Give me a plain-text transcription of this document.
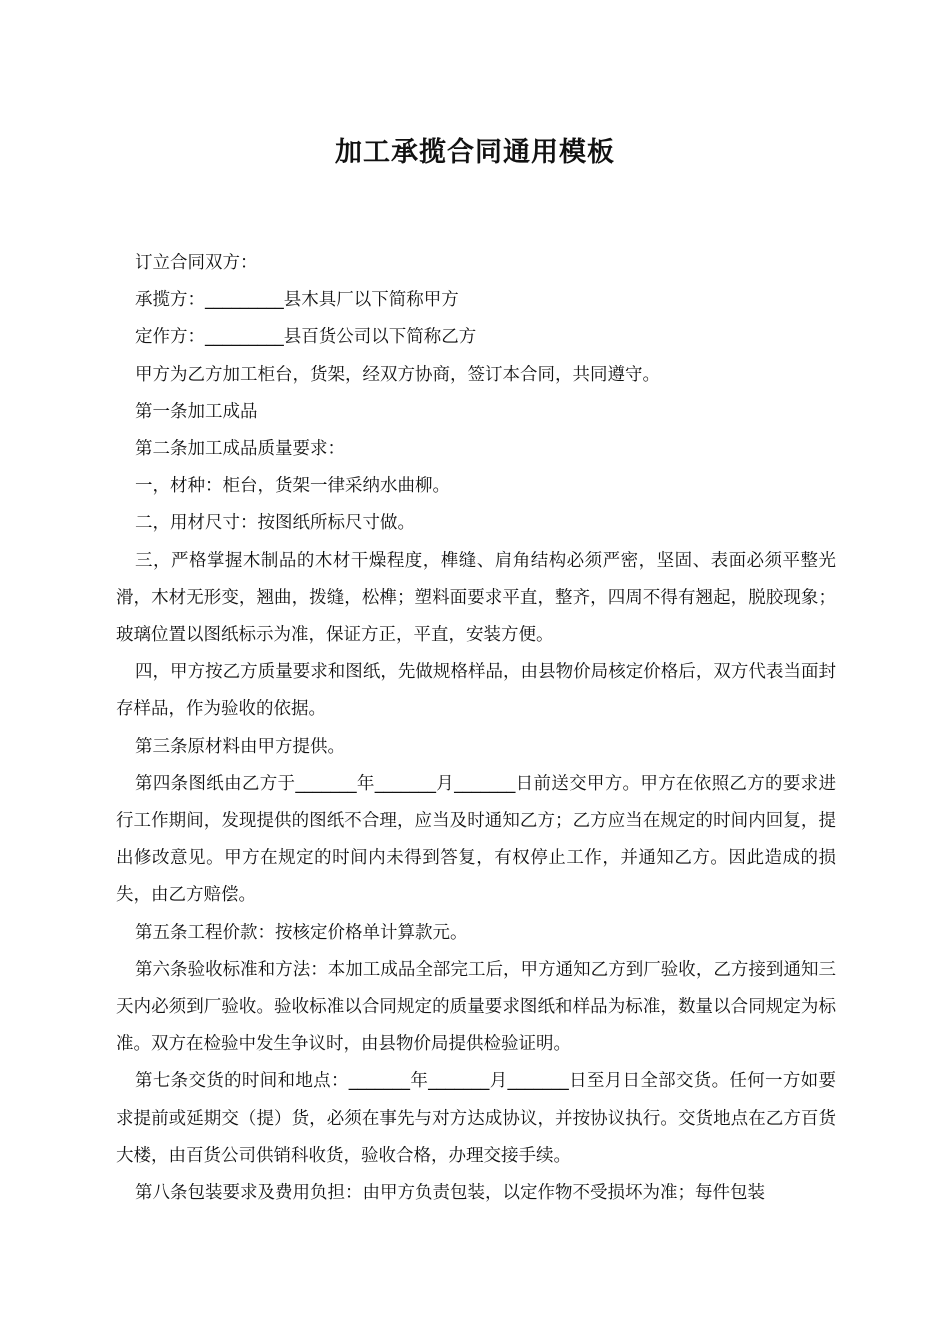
加工承揽合同通用模板

订立合同双方：

承揽方：_________县木具厂以下简称甲方

定作方：_________县百货公司以下简称乙方

甲方为乙方加工柜台，货架，经双方协商，签订本合同，共同遵守。

第一条加工成品

第二条加工成品质量要求：

一，材种：柜台，货架一律采纳水曲柳。

二，用材尺寸：按图纸所标尺寸做。

三，严格掌握木制品的木材干燥程度，榫缝、肩角结构必须严密，坚固、表面必须平整光滑，木材无形变，翘曲，拨缝，松榫；塑料面要求平直，整齐，四周不得有翘起，脱胶现象；玻璃位置以图纸标示为准，保证方正，平直，安装方便。

四，甲方按乙方质量要求和图纸，先做规格样品，由县物价局核定价格后，双方代表当面封存样品，作为验收的依据。

第三条原材料由甲方提供。

第四条图纸由乙方于_______年_______月_______日前送交甲方。甲方在依照乙方的要求进行工作期间，发现提供的图纸不合理，应当及时通知乙方；乙方应当在规定的时间内回复，提出修改意见。甲方在规定的时间内未得到答复，有权停止工作，并通知乙方。因此造成的损失，由乙方赔偿。

第五条工程价款：按核定价格单计算款元。

第六条验收标准和方法：本加工成品全部完工后，甲方通知乙方到厂验收，乙方接到通知三天内必须到厂验收。验收标准以合同规定的质量要求图纸和样品为标准，数量以合同规定为标准。双方在检验中发生争议时，由县物价局提供检验证明。

第七条交货的时间和地点：_______年_______月_______日至月日全部交货。任何一方如要求提前或延期交（提）货，必须在事先与对方达成协议，并按协议执行。交货地点在乙方百货大楼，由百货公司供销科收货，验收合格，办理交接手续。

第八条包装要求及费用负担：由甲方负责包装，以定作物不受损坏为准；每件包装
